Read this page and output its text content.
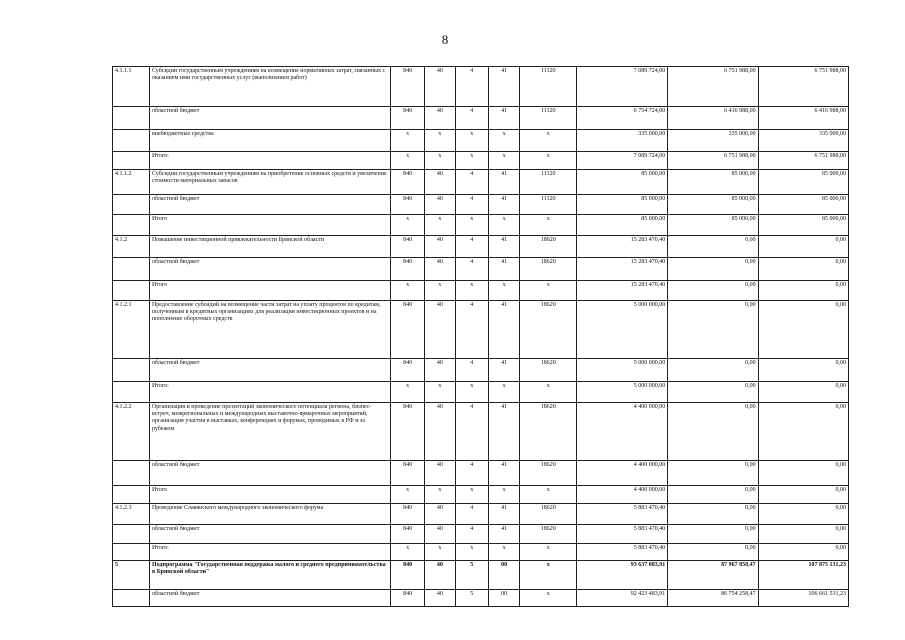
8
4.1.1.1	Субсидии государственным учреждениям на возмещение нормативных затрат, связанных с оказанием ими государственных услуг (выполнением работ)	840	40	4	41	11120	7 089 724,00	6 751 988,00	6 751 988,00
	областной бюджет	840	40	4	41	11120	6 754 724,00	6 416 988,00	6 416 988,00
	внебюджетные средства	x	x	x	x	x	335 000,00	335 000,00	335 000,00
	Итого:	x	x	x	x	x	7 089 724,00	6 751 988,00	6 751 988,00
4.1.1.2	Субсидии государственным учреждениям на приобретение основных средств и увеличение стоимости материальных запасов	840	40	4	41	11120	85 000,00	85 000,00	85 000,00
	областной бюджет	840	40	4	41	11120	85 000,00	85 000,00	85 000,00
	Итого	x	x	x	x	x	85 000,00	85 000,00	85 000,00
4.1.2	Повышение инвестиционной привлекательности Брянской области	840	40	4	41	18620	15 283 470,40	0,00	0,00
	областной бюджет	840	40	4	41	18620	15 283 470,40	0,00	0,00
	Итого	x	x	x	x	x	15 283 470,40	0,00	0,00
4.1.2.1	Предоставление субсидий на возмещение части затрат на уплату процентов по кредитам, полученным в кредитных организациях для реализации инвестиционных проектов и на пополнение оборотных средств	840	40	4	41	18620	5 000 000,00	0,00	0,00
	областной бюджет	840	40	4	41	18620	5 000 000,00	0,00	0,00
	Итого:	x	x	x	x	x	5 000 000,00	0,00	0,00
4.1.2.2	Организация и проведение презентаций экономического потенциала региона, бизнес-встреч, межрегиональных и международных выставочно-ярмарочных мероприятий, организация участия в выставках, конференциях и форумах, проводимых в РФ и за рубежом	840	40	4	41	18620	4 400 000,00	0,00	0,00
	областной бюджет	840	40	4	41	18620	4 400 000,00	0,00	0,00
	Итого	x	x	x	x	x	4 400 000,00	0,00	0,00
4.1.2.3	Проведение Славянского международного экономического форума	840	40	4	41	18620	5 883 470,40	0,00	0,00
	областной бюджет	840	40	4	41	18620	5 883 470,40	0,00	0,00
	Итого:	x	x	x	x	x	5 883 470,40	0,00	0,00
5	Подпрограмма "Государственная поддержка малого и среднего предпринимательства в Брянской области"	840	40	5	00	x	93 637 083,91	87 967 858,47	107 875 131,23
	областной бюджет	840	40	5	00	x	92 423 483,91	86 754 258,47	106 661 531,23
